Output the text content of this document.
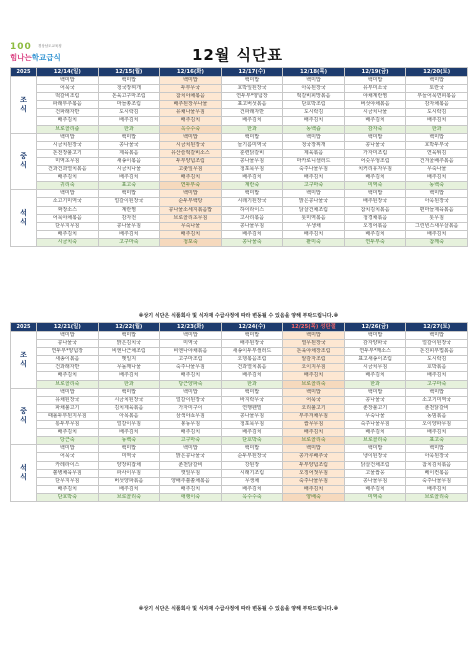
100 경상남도교육청
힘나는학교급식	12월 식단표
2025	12/14(일)	12/15(월)	12/16(화)	12/17(수)	12/18(목)	12/19(금)	12/20(토)

조
식	백미밥	백미밥	백미밥	백미밥	백미밥	백미밥	백미밥
	어묵국	청국장찌개	두부무국	호박잎된장국	아욱된장국	유부미소국	토란국
	떡갈비조림	돈육고구마조림	참치야채볶음	연두부*양념장	떡갈비피망볶음	야채계란찜	부들어묵면피볶음
	파래부추볶음	마늘쫑조림	배추된장무나물	표고버섯볶음	단호박조림	버섯야채볶음	감자채볶음
	건파래자반	도시락김	유채나물무침	건파래자반	도시락김	시금치나물	도시락김
	배추김치	배추김치	배추김치	배추김치	배추김치	배추김치	배추김치
	브로콜리즙	한과	옥수수죽	한과	동백즙	감자죽	한과

중
식	백미밥	백미밥	백미밥	백미밥	백미밥	백미밥	백미밥
	시금치된장국	콩나물국	시금치된장국	들기름미역국	청국장찌개	콩나물국	호박두부국
	돈전장불고기	제육볶음	유산슬떡갈비소스	훈련닭갈비	제육볶음	가자미조림	연육튀김
	미역초무침	새송이볶음	두부양념조림	콩나물무침	마카로니샐러드	어슷우엉조림	건겨울배추볶음
	건과건과열치볶음	시금치나물	고춧잎무침	청포묵무침	숙주나물무침	치커리유자무침	무숙나물
	배추김치	배추김치	배추김치	배추김치	배추김치	배추김치	배추김치
	귀리죽	표고죽	연두부죽	계란죽	고구마죽	미역죽	동백죽

석
식	백미밥	백미밥	백미밥	백미밥	백미밥	백미밥	백미밥
	소고기미역국	얼갈이된장국	순두부백탕	시래기된장국	맑은콩나물국	배추된장국	아욱된장국
	짜장소스	계란찜	콩나물소세지볶음밥	하이라이스	닭살건채조림	참치김치볶음	편마늘제육볶음
	어묵야채볶음	감자전	브로콜리초무침	고사리볶음	톳미역볶음	청경채볶음	톳무침
	단무지무침	콩나물무침	무숙나물	콩나물무침	무생채	오징어볶음	그린빈스새우살볶음
	배추김치	배추김치	배추김치	배추김치	배추김치	배추김치	배추김치
	시금치죽	고구마죽	청포죽	콩나물죽	팥미죽	연두부죽	참깨죽
※상기 식단은 식품회사 및 식자재 수급사정에 따라 변동될 수 있음을 양해 부탁드립니다.※
2025	12/21(일)	12/22(월)	12/23(화)	12/24(수)	12/25(목) 성탄절	12/26(금)	12/27(토)

조
식	백미밥	백미밥	백미밥	백미밥	백미밥	백미밥	백미밥
	콩나물국	맑은김치국	미역국	배추된장국	열무된장국	감자양파국	얼갈이된장국
	연두부*양념장	비엔나근채조림	비엔나야채볶음	새송이두부샐러드	돈육야채장조림	연두부*깨소스	돈진피부법볶음
	새송이볶음	멧일지	고구마조림	오뎅볶음조림	알감자조림	표고새송이조림	도시락김
	건과래자반	무돌깨나물	숙주나물무침	건과열치볶음	오이지무침	시금치무침	호박볶음
	배추김치	배추김치	배추김치	배추김치	배추김치	배추김치	배추김치
	브로콜리죽	한과	당근양파죽	한과	브로콜리죽	한과	고구마죽

중
식	백미밥	백미밥	백미밥	백미밥	백미밥	백미밥	백미밥
	유채된장국	시금치된장국	얼갈이된장국	바지락무국	어묵국	콩나물국	소고기미역국
	파채불고기	김치제육볶음	가자미구이	연행웬빌	오리불고기	춘장불고기	춘천닭갈비
	때롤두부된지무침	아목볶음	삼색야쇼무침	콩나물무침	부추겨채무침	무숙나물	동빔볶음
	통두부무침	얼갈이무침	봉동무침	청포묵무침	쌈무무침	숙주나물무침	오이양파무침
	배추김치	배추김치	배추김치	배추김치	배추김치	배추김치	배추김치
	당근죽	동백죽	고구마죽	단호박죽	브로콜리죽	브로콜리죽	표고죽

석
식	백미밥	백미밥	백미밥	백미밥	백미밥	백미밥	백미밥
	어묵국	미역국	맑은콩나물국	순두부된장국	콩가루배추국	냉이된장국	아욱된장국
	카레라이스	양장피잡채	춘천닭갈비	강된장	두부양념조림	닭살건채조림	참치김치볶음
	쫄병채육무침	파사이무침	깻잎무침	시래기조림	오징어젓무침	고물쌈옹	베이컨볶음
	단무지무침	버섯양파볶음	양배추쫄쫄채볶음	무생채	숙주나물무침	콩나물무침	숙주나물무침
	배추김치	배추김치	배추김치	배추김치	배추김치	배추김치	배추김치
	단호박죽	브로콜리죽	애랭이죽	옥수수죽	양배죽	미역죽	브로콜리죽
※상기 식단은 식품회사 및 식자재 수급사정에 따라 변동될 수 있음을 양해 부탁드립니다.※
